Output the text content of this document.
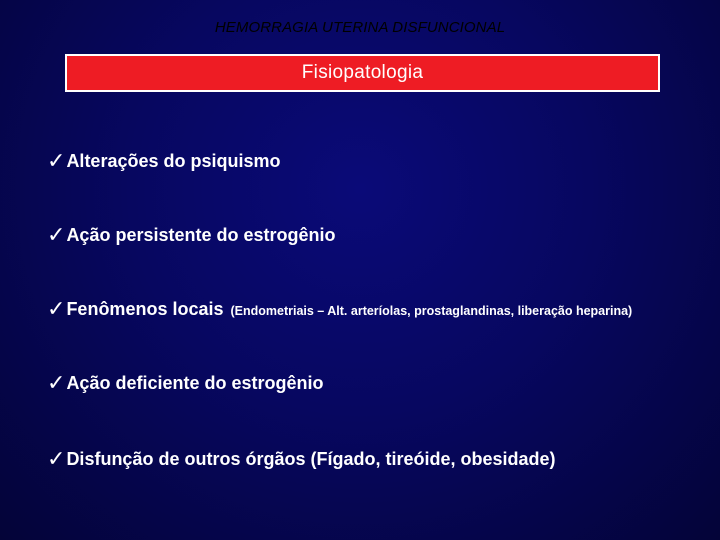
HEMORRAGIA UTERINA DISFUNCIONAL
Fisiopatologia
✓ Alterações do psiquismo
✓ Ação persistente do estrogênio
✓ Fenômenos locais (Endometriais – Alt. arteríolas, prostaglandinas, liberação heparina)
✓ Ação deficiente do estrogênio
✓ Disfunção de outros órgãos (Fígado, tireóide, obesidade)
